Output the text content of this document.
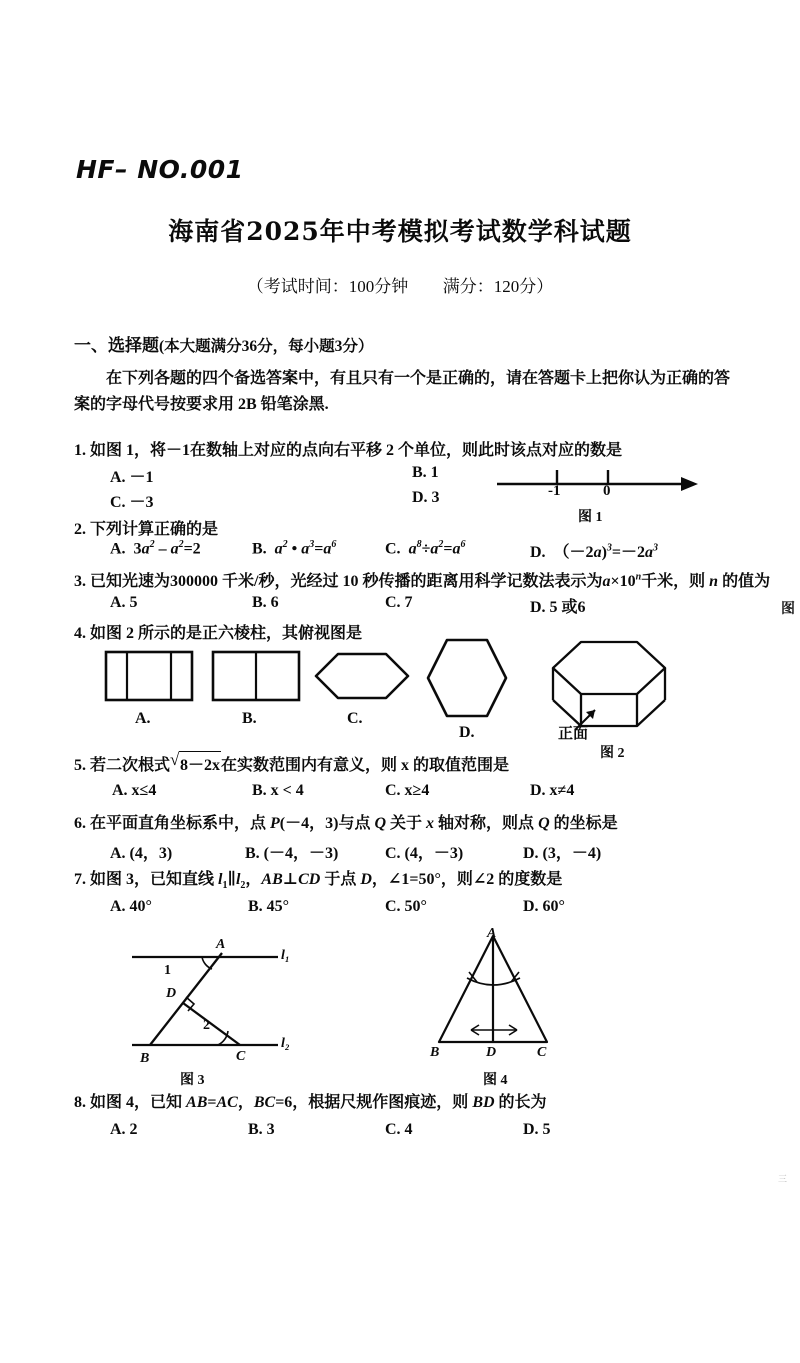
HF– NO.001
海南省2025年中考模拟考试数学科试题
（考试时间：100分钟 满分：120分）
一、选择题(本大题满分36分，每小题3分）
在下列各题的四个备选答案中，有且只有一个是正确的，请在答题卡上把你认为正确的答案的字母代号按要求用 2B 铅笔涂黑.
1. 如图 1，将－1在数轴上对应的点向右平移 2 个单位，则此时该点对应的数是
A. －1	B. 1
C. －3	D. 3	-1	0
图 1
2. 下列计算正确的是
A.  $3a^2 - a^2=2$	B.  $a^2$ • $a^3=a^6$	C.  $a^8\div a^2=a^6$	D.  $(-2a)^3=-2a^3$
3. 已知光速为300000 千米/秒，光经过 10 秒传播的距离用科学记数法表示为$a\times 10^n$千米，则 n 的值为
A. 5	B. 6	C. 7	D. 5 或6
4. 如图 2 所示的是正六棱柱，其俯视图是
A.	B.	C.
D.	正面
图 2
5. 若二次根式 √ 8－2x在实数范围内有意义，则 x 的取值范围是
A. x≤4	B. x < 4	C. x≥4	D. x≠4
6. 在平面直角坐标系中，点 P(－4，3)与点 Q 关于 x 轴对称，则点 Q 的坐标是
A. (4，3)	B. (－4，－3)	C. (4，－3)	D. (3，－4)
7. 如图 3，已知直线 $l_1\parallel l_2$，AB⊥CD 于点 D，∠1=50°，则∠2 的度数是
A. 40°	B. 45°	C. 50°	D. 60°
A
1
D
2
B	C
l₁
l₂
图 3
A
B	D	C
图 4
8. 如图 4，已知 AB=AC，BC=6，根据尺规作图痕迹，则 BD 的长为
A. 2	B. 3	C. 4	D. 5
图
三
